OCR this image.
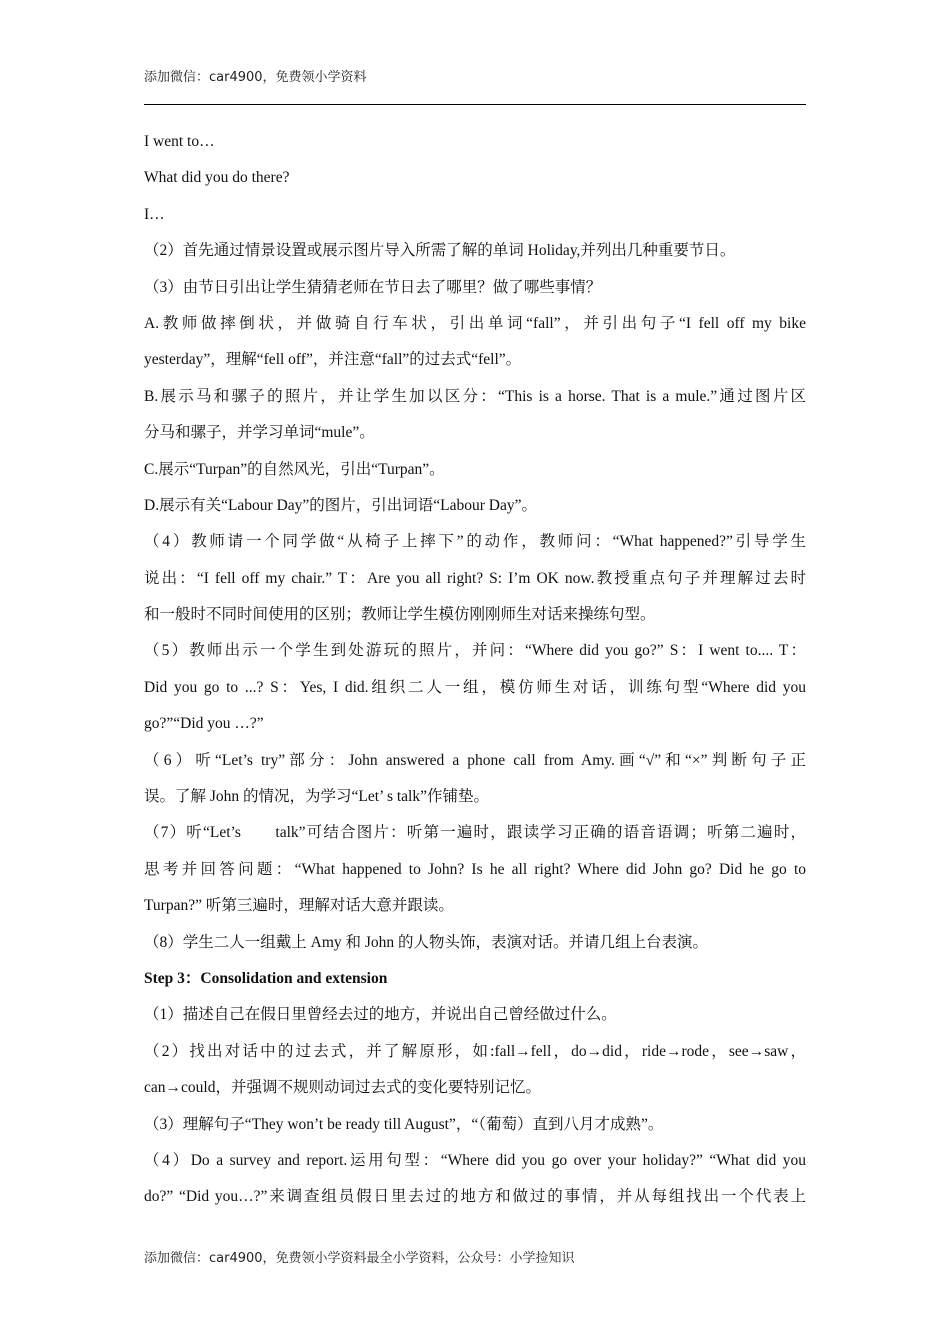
添加微信：car4900，免费领小学资料
I went to…
What did you do there?
I…
（2）首先通过情景设置或展示图片导入所需了解的单词 Holiday,并列出几种重要节日。
（3）由节日引出让学生猜猜老师在节日去了哪里？做了哪些事情？
A.教师做摔倒状，并做骑自行车状，引出单词“fall”，并引出句子“I fell off my bike
yesterday”，理解“fell off”，并注意“fall”的过去式“fell”。
B.展示马和骡子的照片，并让学生加以区分：“This is a horse. That is a mule.”通过图片区
分马和骡子，并学习单词“mule”。
C.展示“Turpan”的自然风光，引出“Turpan”。
D.展示有关“Labour Day”的图片，引出词语“Labour Day”。
（4）教师请一个同学做“从椅子上摔下”的动作，教师问：“What happened?”引导学生
说出：“I fell off my chair.” T：Are you all right? S: I’m OK now.教授重点句子并理解过去时
和一般时不同时间使用的区别；教师让学生模仿刚刚师生对话来操练句型。
（5）教师出示一个学生到处游玩的照片，并问：“Where did you go?” S：I went to.... T：
Did you go to ...? S：Yes, I did.组织二人一组，模仿师生对话，训练句型“Where did you
go?”“Did you …?”
（6）听“Let’s try”部分：John answered a phone call from Amy.画“√”和“×”判断句子正
误。了解 John 的情况，为学习“Let’ s talk”作铺垫。
（7）听“Let’s　　talk”可结合图片：听第一遍时，跟读学习正确的语音语调；听第二遍时，
思考并回答问题：“What happened to John? Is he all right? Where did John go? Did he go to
Turpan?” 听第三遍时，理解对话大意并跟读。
（8）学生二人一组戴上 Amy 和 John 的人物头饰，表演对话。并请几组上台表演。
Step 3：Consolidation and extension
（1）描述自己在假日里曾经去过的地方，并说出自己曾经做过什么。
（2）找出对话中的过去式，并了解原形，如:fall→fell，do→did，ride→rode，see→saw，
can→could，并强调不规则动词过去式的变化要特别记忆。
（3）理解句子“They won’t be ready till August”，“（葡萄）直到八月才成熟”。
（4）Do a survey and report.运用句型：“Where did you go over your holiday?” “What did you
do?” “Did you…?”来调查组员假日里去过的地方和做过的事情，并从每组找出一个代表上
添加微信：car4900，免费领小学资料最全小学资料，公众号：小学捡知识
